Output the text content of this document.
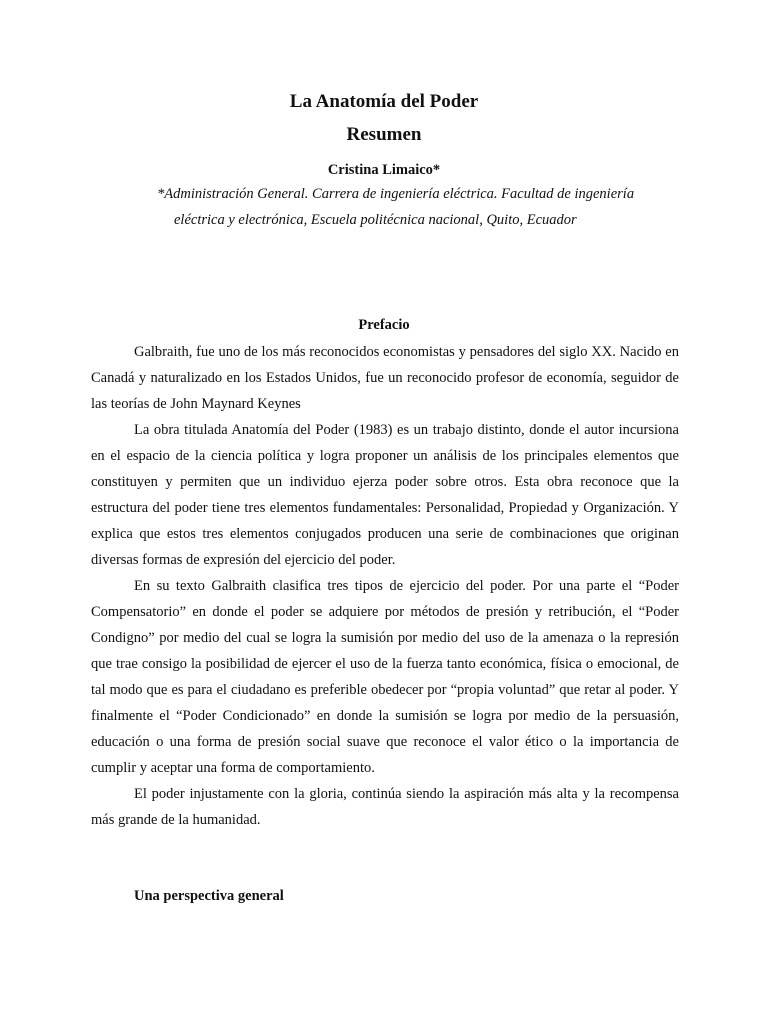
La Anatomía del Poder
Resumen
Cristina Limaico*
*Administración General. Carrera de ingeniería eléctrica. Facultad de ingeniería
eléctrica y electrónica, Escuela politécnica nacional, Quito, Ecuador
Prefacio

Galbraith, fue uno de los más reconocidos economistas y pensadores del siglo XX. Nacido en Canadá y naturalizado en los Estados Unidos, fue un reconocido profesor de economía, seguidor de las teorías de John Maynard Keynes

La obra titulada Anatomía del Poder (1983) es un trabajo distinto, donde el autor incursiona en el espacio de la ciencia política y logra proponer un análisis de los principales elementos que constituyen y permiten que un individuo ejerza poder sobre otros. Esta obra reconoce que la estructura del poder tiene tres elementos fundamentales: Personalidad, Propiedad y Organización. Y explica que estos tres elementos conjugados producen una serie de combinaciones que originan diversas formas de expresión del ejercicio del poder.

En su texto Galbraith clasifica tres tipos de ejercicio del poder. Por una parte el “Poder Compensatorio” en donde el poder se adquiere por métodos de presión y retribución, el “Poder Condigno” por medio del cual se logra la sumisión por medio del uso de la amenaza o la represión que trae consigo la posibilidad de ejercer el uso de la fuerza tanto económica, física o emocional, de tal modo que es para el ciudadano es preferible obedecer por “propia voluntad” que retar al poder. Y finalmente el “Poder Condicionado” en donde la sumisión se logra por medio de la persuasión, educación o una forma de presión social suave que reconoce el valor ético o la importancia de cumplir y aceptar una forma de comportamiento.

El poder injustamente con la gloria, continúa siendo la aspiración más alta y la recompensa más grande de la humanidad.

Una perspectiva general
